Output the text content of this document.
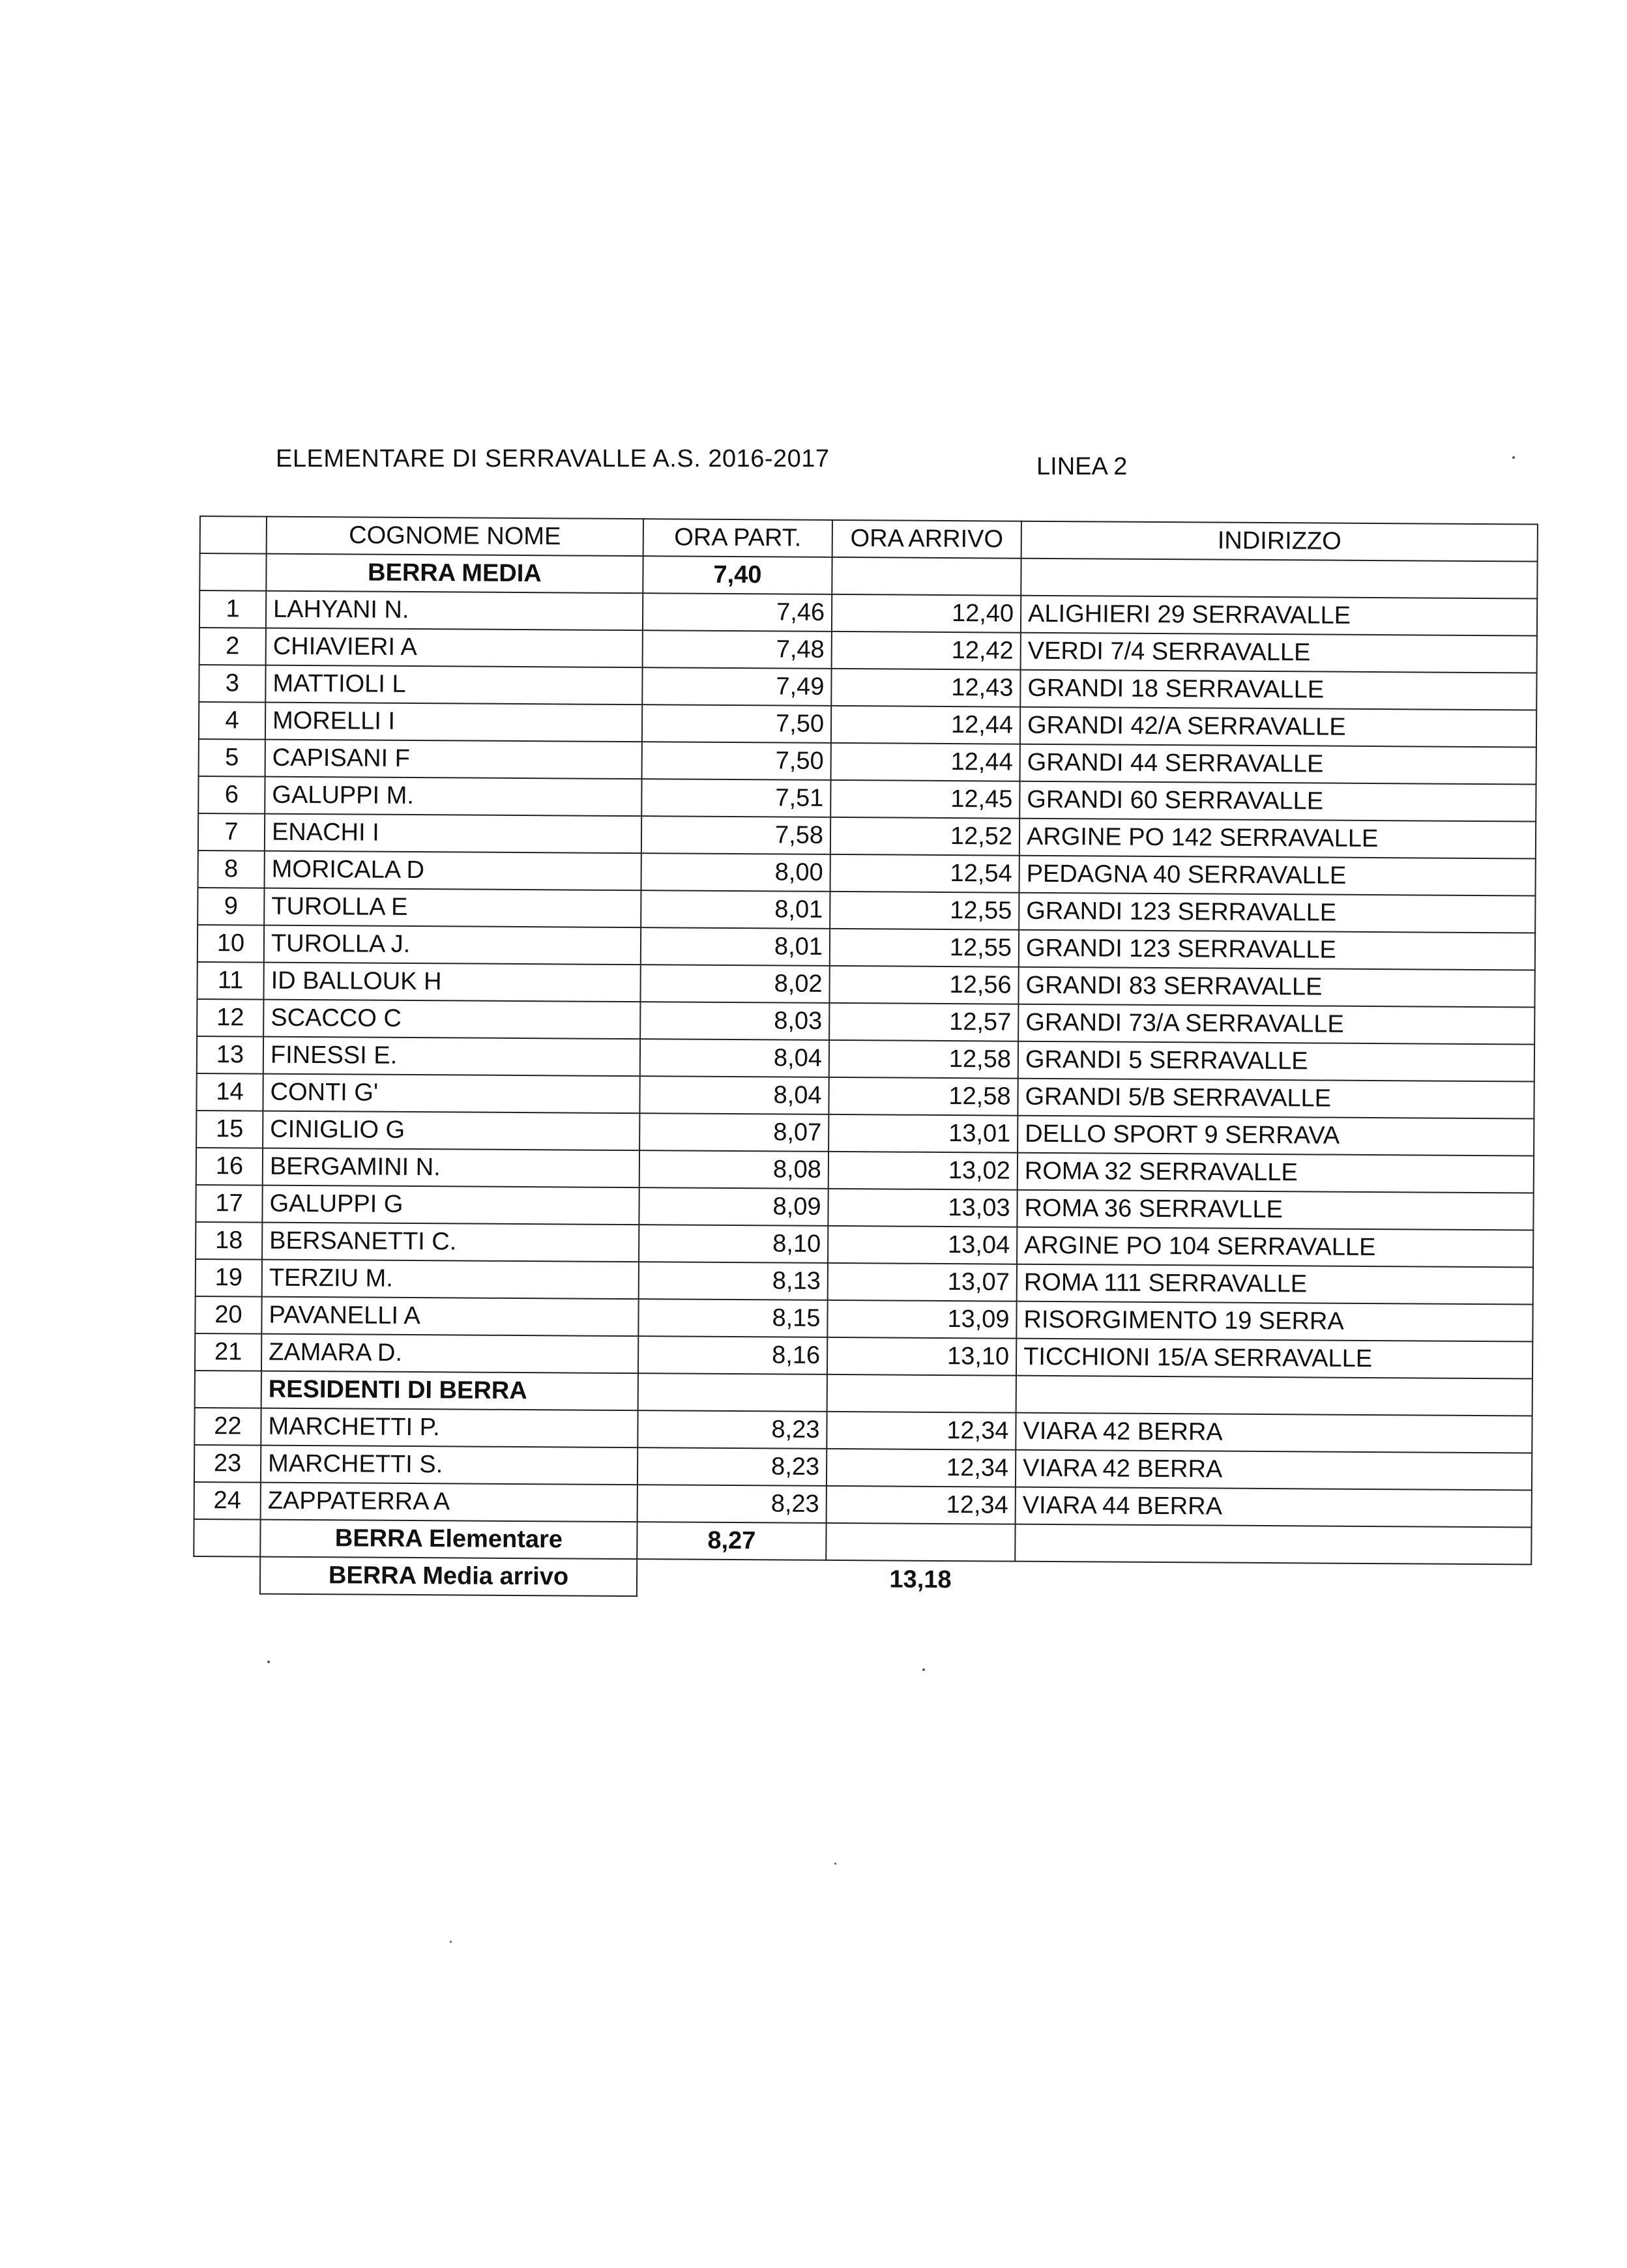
ELEMENTARE DI SERRAVALLE A.S. 2016-2017	LINEA 2
	COGNOME NOME	ORA PART.	ORA ARRIVO	INDIRIZZO
	BERRA MEDIA	7,40		
1	LAHYANI N.	7,46	12,40	ALIGHIERI 29 SERRAVALLE
2	CHIAVIERI A	7,48	12,42	VERDI 7/4 SERRAVALLE
3	MATTIOLI L	7,49	12,43	GRANDI 18 SERRAVALLE
4	MORELLI I	7,50	12,44	GRANDI 42/A SERRAVALLE
5	CAPISANI F	7,50	12,44	GRANDI 44 SERRAVALLE
6	GALUPPI M.	7,51	12,45	GRANDI 60 SERRAVALLE
7	ENACHI I	7,58	12,52	ARGINE PO 142 SERRAVALLE
8	MORICALA D	8,00	12,54	PEDAGNA 40 SERRAVALLE
9	TUROLLA E	8,01	12,55	GRANDI 123 SERRAVALLE
10	TUROLLA J.	8,01	12,55	GRANDI 123 SERRAVALLE
11	ID BALLOUK H	8,02	12,56	GRANDI 83 SERRAVALLE
12	SCACCO C	8,03	12,57	GRANDI 73/A SERRAVALLE
13	FINESSI E.	8,04	12,58	GRANDI 5 SERRAVALLE
14	CONTI G'	8,04	12,58	GRANDI 5/B SERRAVALLE
15	CINIGLIO G	8,07	13,01	DELLO SPORT 9 SERRAVA
16	BERGAMINI N.	8,08	13,02	ROMA 32 SERRAVALLE
17	GALUPPI G	8,09	13,03	ROMA 36 SERRAVLLE
18	BERSANETTI C.	8,10	13,04	ARGINE PO 104 SERRAVALLE
19	TERZIU M.	8,13	13,07	ROMA 111 SERRAVALLE
20	PAVANELLI A	8,15	13,09	RISORGIMENTO 19 SERRA
21	ZAMARA D.	8,16	13,10	TICCHIONI 15/A SERRAVALLE
	RESIDENTI DI BERRA			
22	MARCHETTI P.	8,23	12,34	VIARA 42 BERRA
23	MARCHETTI S.	8,23	12,34	VIARA 42 BERRA
24	ZAPPATERRA A	8,23	12,34	VIARA 44 BERRA
	BERRA Elementare	8,27		
	BERRA Media arrivo		13,18	
